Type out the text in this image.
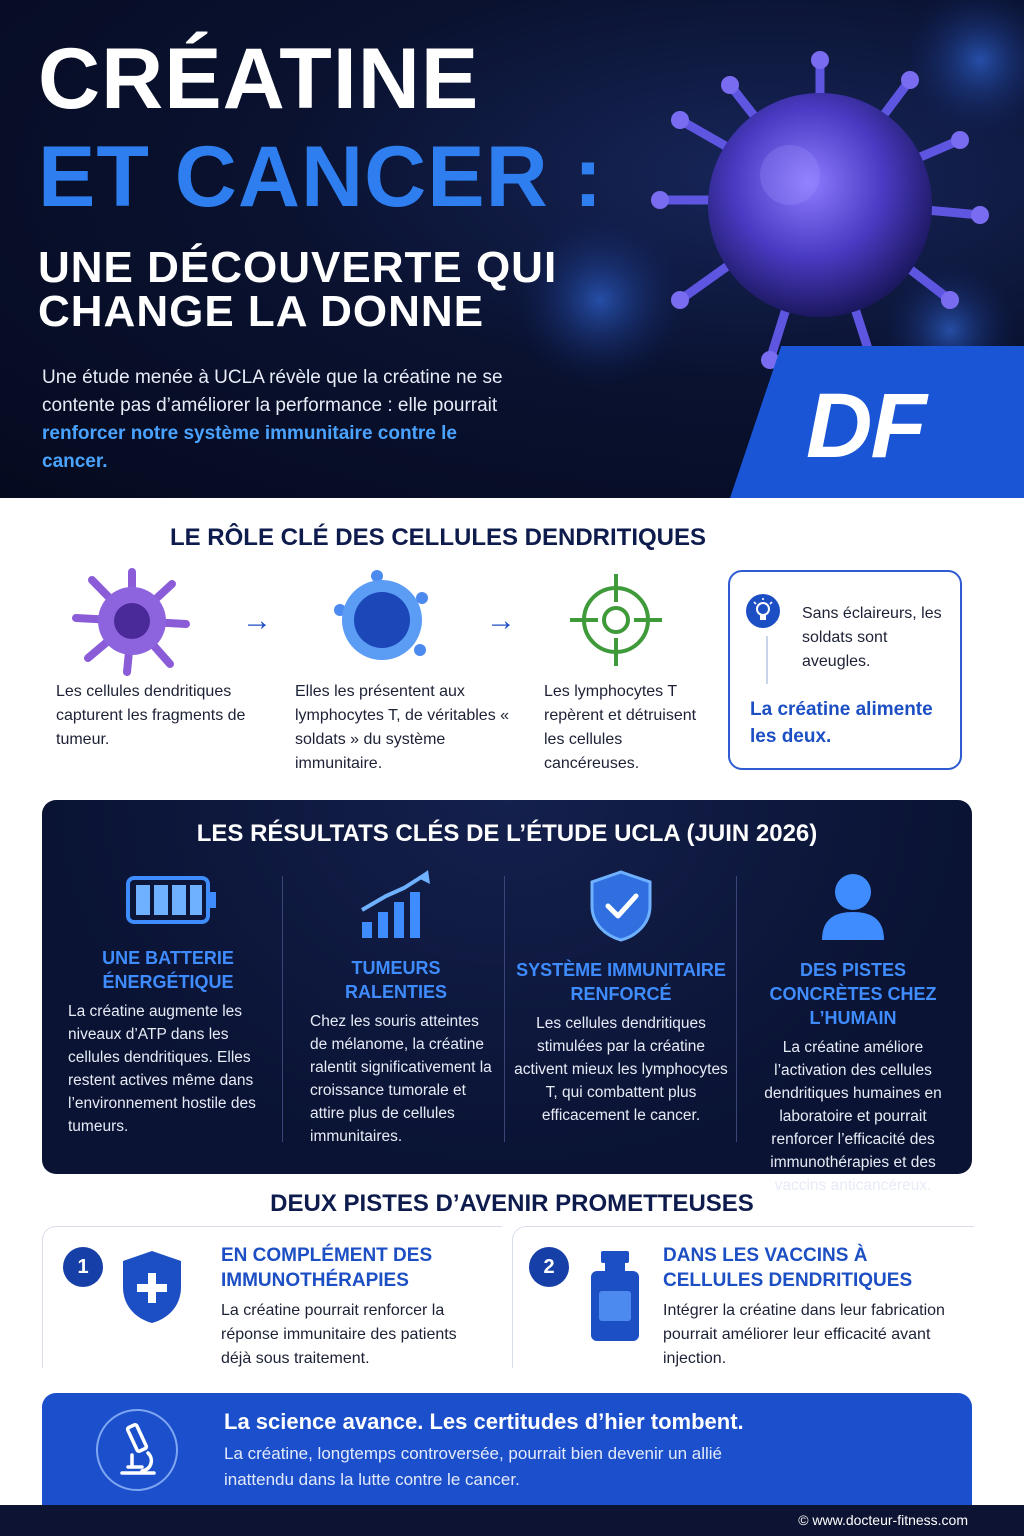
CRÉATINE
ET CANCER :
UNE DÉCOUVERTE QUI CHANGE LA DONNE

Une étude menée à UCLA révèle que la créatine ne se contente pas d’améliorer la performance : elle pourrait renforcer notre système immunitaire contre le cancer.	DF
LE RÔLE CLÉ DES CELLULES DENDRITIQUES
→	→
Les cellules dendritiques capturent les fragments de tumeur.
Elles les présentent aux lymphocytes T, de véritables « soldats » du système immunitaire.
Les lymphocytes T repèrent et détruisent les cellules cancéreuses.
Sans éclaireurs, les soldats sont aveugles.
La créatine alimente les deux.
LES RÉSULTATS CLÉS DE L’ÉTUDE UCLA (JUIN 2026)
UNE BATTERIE ÉNERGÉTIQUE
La créatine augmente les niveaux d’ATP dans les cellules dendritiques. Elles restent actives même dans l’environnement hostile des tumeurs.
TUMEURS RALENTIES
Chez les souris atteintes de mélanome, la créatine ralentit significativement la croissance tumorale et attire plus de cellules immunitaires.
SYSTÈME IMMUNITAIRE RENFORCÉ
Les cellules dendritiques stimulées par la créatine activent mieux les lymphocytes T, qui combattent plus efficacement le cancer.
DES PISTES CONCRÈTES CHEZ L’HUMAIN
La créatine améliore l’activation des cellules dendritiques humaines en laboratoire et pourrait renforcer l’efficacité des immunothérapies et des vaccins anticancéreux.
DEUX PISTES D’AVENIR PROMETTEUSES
1
EN COMPLÉMENT DES IMMUNOTHÉRAPIES
La créatine pourrait renforcer la réponse immunitaire des patients déjà sous traitement.
2
DANS LES VACCINS À CELLULES DENDRITIQUES
Intégrer la créatine dans leur fabrication pourrait améliorer leur efficacité avant injection.
La science avance. Les certitudes d’hier tombent.
La créatine, longtemps controversée, pourrait bien devenir un allié inattendu dans la lutte contre le cancer.
© www.docteur-fitness.com
